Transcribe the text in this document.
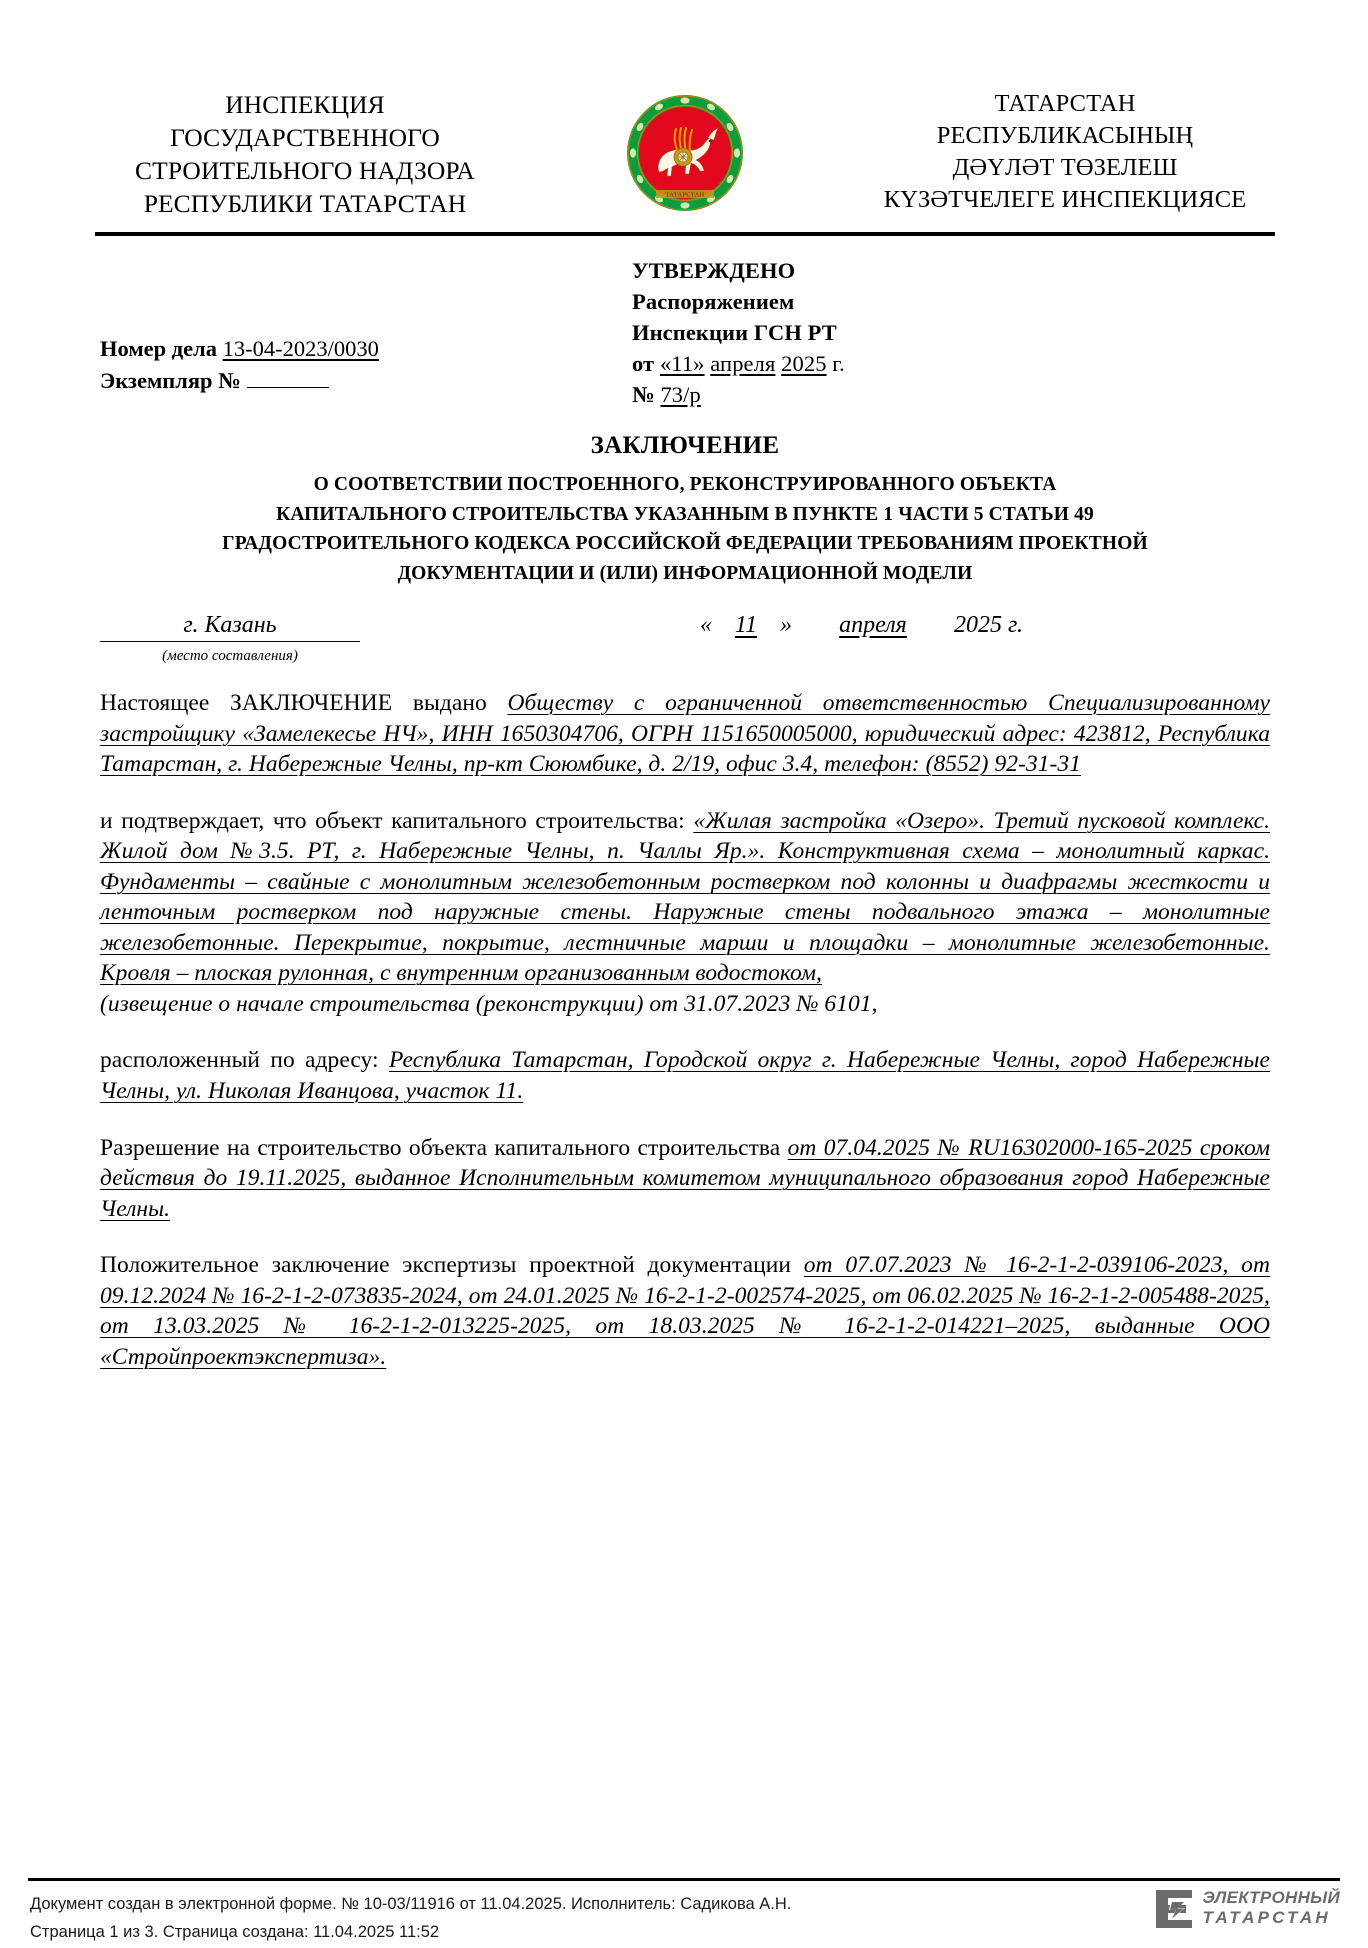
ИНСПЕКЦИЯ
ГОСУДАРСТВЕННОГО
СТРОИТЕЛЬНОГО НАДЗОРА
РЕСПУБЛИКИ ТАТАРСТАН	ТАТАРСТАН
ТАТАРСТАН
РЕСПУБЛИКАСЫНЫҢ
ДӘҮЛӘТ ТӨЗЕЛЕШ
КҮЗӘТЧЕЛЕГЕ ИНСПЕКЦИЯСЕ
УТВЕРЖДЕНО
Распоряжением
Инспекции ГСН РТ
от «11» апреля 2025 г.
№ 73/р
Номер дела 13-04-2023/0030
Экземпляр №
ЗАКЛЮЧЕНИЕ
О СООТВЕТСТВИИ ПОСТРОЕННОГО, РЕКОНСТРУИРОВАННОГО ОБЪЕКТА
КАПИТАЛЬНОГО СТРОИТЕЛЬСТВА УКАЗАННЫМ В ПУНКТЕ 1 ЧАСТИ 5 СТАТЬИ 49
ГРАДОСТРОИТЕЛЬНОГО КОДЕКСА РОССИЙСКОЙ ФЕДЕРАЦИИ ТРЕБОВАНИЯМ ПРОЕКТНОЙ
ДОКУМЕНТАЦИИ И (ИЛИ) ИНФОРМАЦИОННОЙ МОДЕЛИ
г. Казань
(место составления)
« 11 » апреля 2025 г.

Настоящее ЗАКЛЮЧЕНИЕ выдано Обществу с ограниченной ответственностью Специализированному застройщику «Замелекесье НЧ», ИНН 1650304706, ОГРН 1151650005000, юридический адрес: 423812, Республика Татарстан, г. Набережные Челны, пр-кт Сююмбике, д. 2/19, офис 3.4, телефон: (8552) 92-31-31

и подтверждает, что объект капитального строительства: «Жилая застройка «Озеро». Третий пусковой комплекс. Жилой дом №3.5. РТ, г. Набережные Челны, п. Чаллы Яр.». Конструктивная схема – монолитный каркас. Фундаменты – свайные с монолитным железобетонным ростверком под колонны и диафрагмы жесткости и ленточным ростверком под наружные стены. Наружные стены подвального этажа – монолитные железобетонные. Перекрытие, покрытие, лестничные марши и площадки – монолитные железобетонные. Кровля – плоская рулонная, с внутренним организованным водостоком,

(извещение о начале строительства (реконструкции) от 31.07.2023 № 6101,

расположенный по адресу: Республика Татарстан, Городской округ г. Набережные Челны, город Набережные Челны, ул. Николая Иванцова, участок 11.

Разрешение на строительство объекта капитального строительства от 07.04.2025 № RU16302000-165-2025 сроком действия до 19.11.2025, выданное Исполнительным комитетом муниципального образования город Набережные Челны.

Положительное заключение экспертизы проектной документации от 07.07.2023 № 16-2-1-2-039106-2023, от 09.12.2024 № 16-2-1-2-073835-2024, от 24.01.2025 № 16-2-1-2-002574-2025, от 06.02.2025 № 16-2-1-2-005488-2025, от 13.03.2025 № 16-2-1-2-013225-2025, от 18.03.2025 № 16-2-1-2-014221–2025, выданные ООО «Стройпроектэкспертиза».

Документ создан в электронной форме. № 10-03/11916 от 11.04.2025. Исполнитель: Садикова А.Н.
Страница 1 из 3. Страница создана: 11.04.2025 11:52
ЭЛЕКТРОННЫЙ
ТАТАРСТАН
